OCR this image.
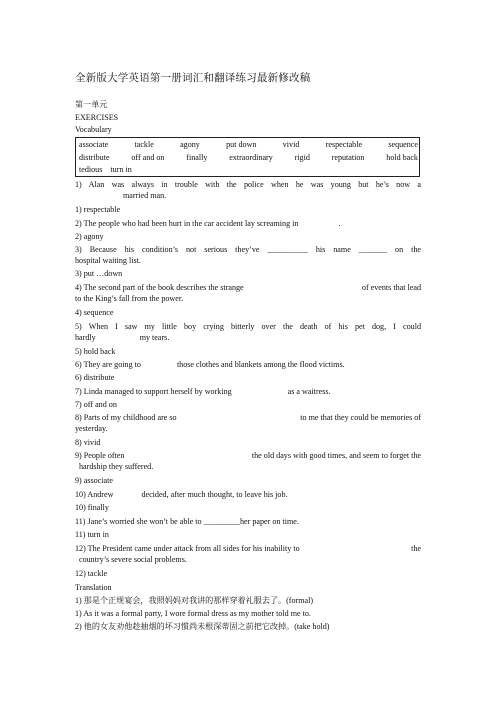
全新版大学英语第一册词汇和翻译练习最新修改稿
第一单元
EXERCISES
Vocabulary
associate	tackle	agony	put down	vivid	respectable	sequence
distribute	off and on	finally	extraordinary	rigid	reputation	hold back
tedious turn in
1) Alan was always in trouble with the police when he was young but he’s now a
married man.
1) respectable
2) The people who had been hurt in the car accident lay screaming in	.
2) agony
3) Because his condition’s not serious they’ve __________ his name _______ on the
hospital waiting list.
3) put …down
4) The second part of the book describes the strange	of events that lead
to the King’s fall from the power.
4) sequence
5) When I saw my little boy crying bitterly over the death of his pet dog, I could
hardly	my tears.
5) hold back
6) They are going to	those clothes and blankets among the flood victims.
6) distribute
7) Linda managed to support herself by working	as a waitress.
7) off and on
8) Parts of my childhood are so	to me that they could be memories of
yesterday.
8) vivid
9) People often	the old days with good times, and seem to forget the
hardship they suffered.
9) associate
10) Andrew	decided, after much thought, to leave his job.
10) finally
11) Jane’s worried she won’t be able to _________her paper on time.
11) turn in
12) The President came under attack from all sides for his inability to	the
country’s severe social problems.
12) tackle
Translation
1) 那是个正规宴会，我照妈妈对我讲的那样穿着礼服去了。(formal)
1) As it was a formal party, I wore formal dress as my mother told me to.
2) 他的女友劝他趁抽烟的坏习惯尚未根深蒂固之前把它改掉。(take hold)
